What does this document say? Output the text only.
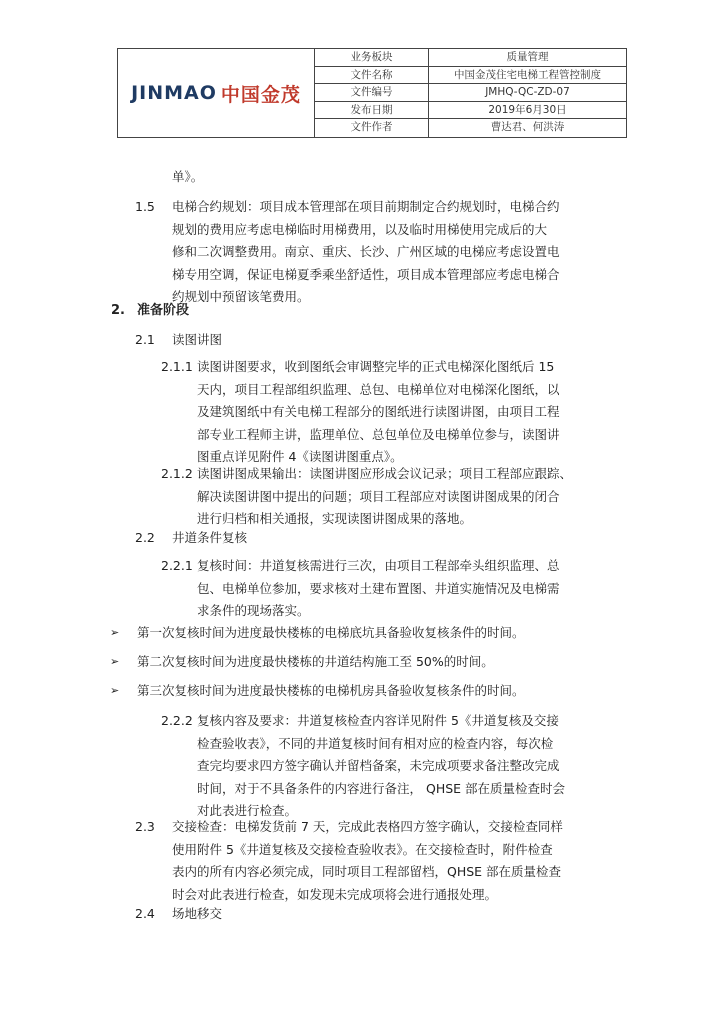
JINMAO 中国金茂
业务板块	质量管理
文件名称	中国金茂住宅电梯工程管控制度
文件编号	JMHQ-QC-ZD-07
发布日期	2019年6月30日
文件作者	曹达君、何洪涛
单》。
1.5 电梯合约规划：项目成本管理部在项目前期制定合约规划时，电梯合约
规划的费用应考虑电梯临时用梯费用，以及临时用梯使用完成后的大
修和二次调整费用。南京、重庆、长沙、广州区域的电梯应考虑设置电
梯专用空调，保证电梯夏季乘坐舒适性，项目成本管理部应考虑电梯合
约规划中预留该笔费用。
2. 准备阶段
2.1 读图讲图
2.1.1 读图讲图要求，收到图纸会审调整完毕的正式电梯深化图纸后 15
天内，项目工程部组织监理、总包、电梯单位对电梯深化图纸，以
及建筑图纸中有关电梯工程部分的图纸进行读图讲图，由项目工程
部专业工程师主讲，监理单位、总包单位及电梯单位参与，读图讲
图重点详见附件 4《读图讲图重点》。
2.1.2 读图讲图成果输出：读图讲图应形成会议记录；项目工程部应跟踪、
解决读图讲图中提出的问题；项目工程部应对读图讲图成果的闭合
进行归档和相关通报，实现读图讲图成果的落地。
2.2 井道条件复核
2.2.1 复核时间：井道复核需进行三次，由项目工程部牵头组织监理、总
包、电梯单位参加，要求核对土建布置图、井道实施情况及电梯需
求条件的现场落实。
➢ 第一次复核时间为进度最快楼栋的电梯底坑具备验收复核条件的时间。
➢ 第二次复核时间为进度最快楼栋的井道结构施工至 50%的时间。
➢ 第三次复核时间为进度最快楼栋的电梯机房具备验收复核条件的时间。
2.2.2 复核内容及要求：井道复核检查内容详见附件 5《井道复核及交接
检查验收表》，不同的井道复核时间有相对应的检查内容，每次检
查完均要求四方签字确认并留档备案，未完成项要求备注整改完成
时间，对于不具备条件的内容进行备注， QHSE 部在质量检查时会
对此表进行检查。
2.3 交接检查：电梯发货前 7 天，完成此表格四方签字确认，交接检查同样
使用附件 5《井道复核及交接检查验收表》。在交接检查时，附件检查
表内的所有内容必须完成，同时项目工程部留档，QHSE 部在质量检查
时会对此表进行检查，如发现未完成项将会进行通报处理。
2.4 场地移交
